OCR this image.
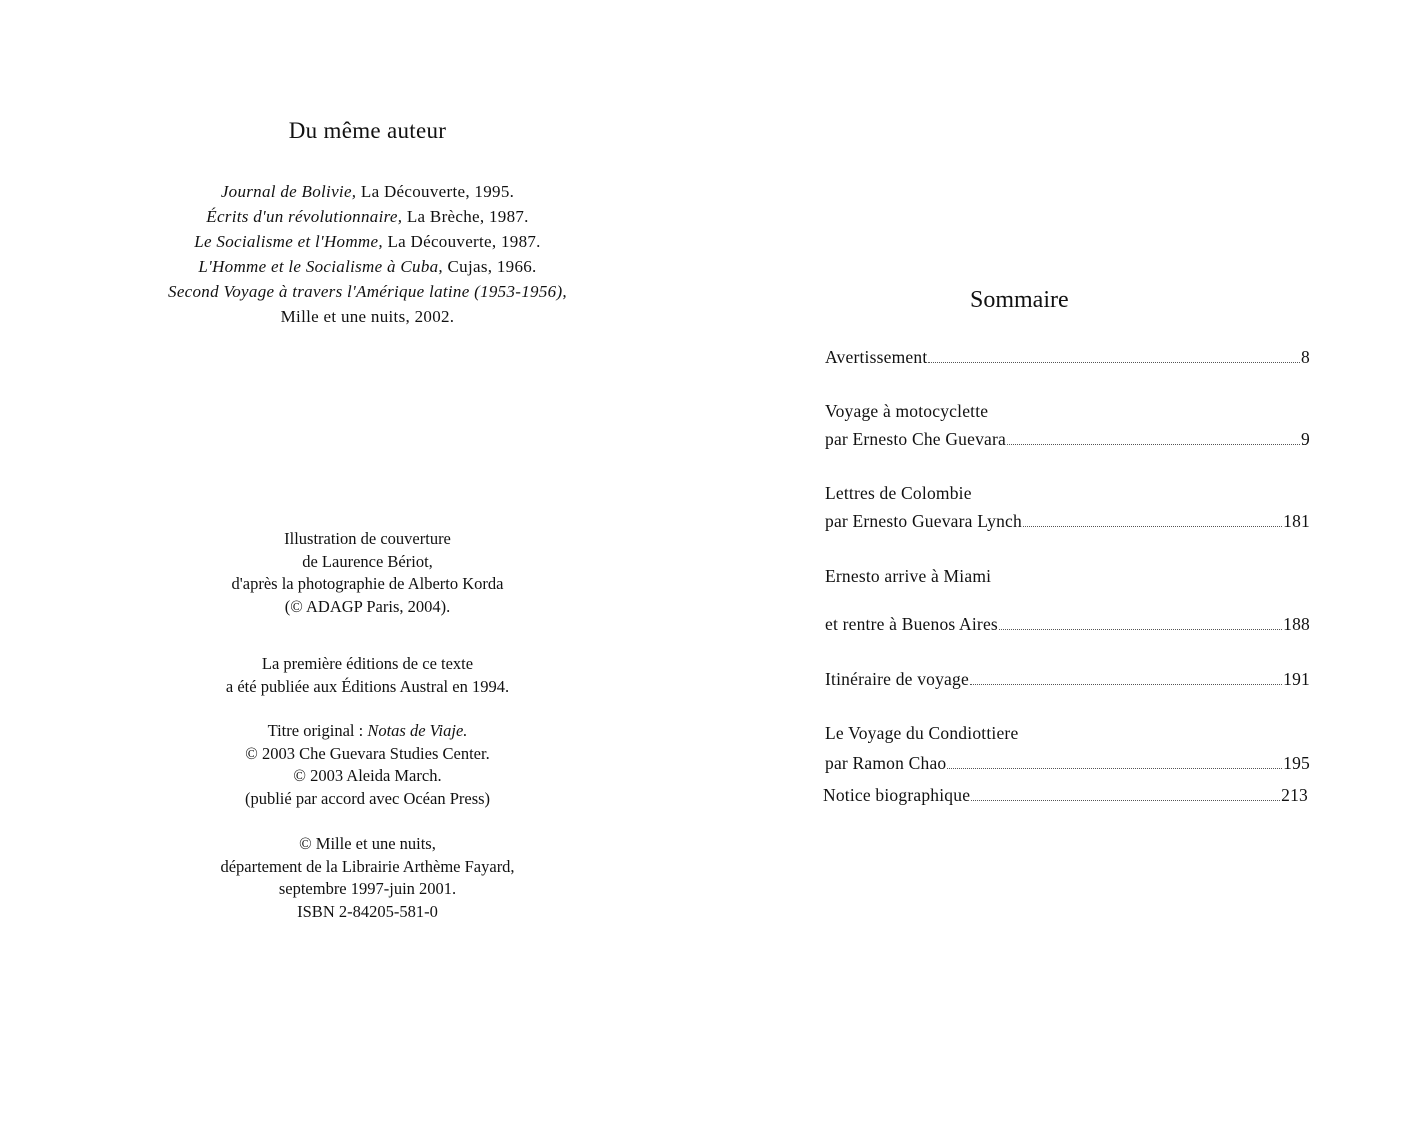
Du même auteur
Journal de Bolivie, La Découverte, 1995.
Écrits d'un révolutionnaire, La Brèche, 1987.
Le Socialisme et l'Homme, La Découverte, 1987.
L'Homme et le Socialisme à Cuba, Cujas, 1966.
Second Voyage à travers l'Amérique latine (1953-1956),
Mille et une nuits, 2002.
Illustration de couverture
de Laurence Bériot,
d'après la photographie de Alberto Korda
(© ADAGP Paris, 2004).
La première éditions de ce texte
a été publiée aux Éditions Austral en 1994.
Titre original : Notas de Viaje.
© 2003 Che Guevara Studies Center.
© 2003 Aleida March.
(publié par accord avec Océan Press)
© Mille et une nuits,
département de la Librairie Arthème Fayard,
septembre 1997-juin 2001.
ISBN 2-84205-581-0
Sommaire
Avertissement	8
Voyage à motocyclette
par Ernesto Che Guevara	9
Lettres de Colombie
par Ernesto Guevara Lynch	181
Ernesto arrive à Miami
et rentre à Buenos Aires	188
Itinéraire de voyage	191
Le Voyage du Condiottiere
par Ramon Chao	195
Notice biographique	213
